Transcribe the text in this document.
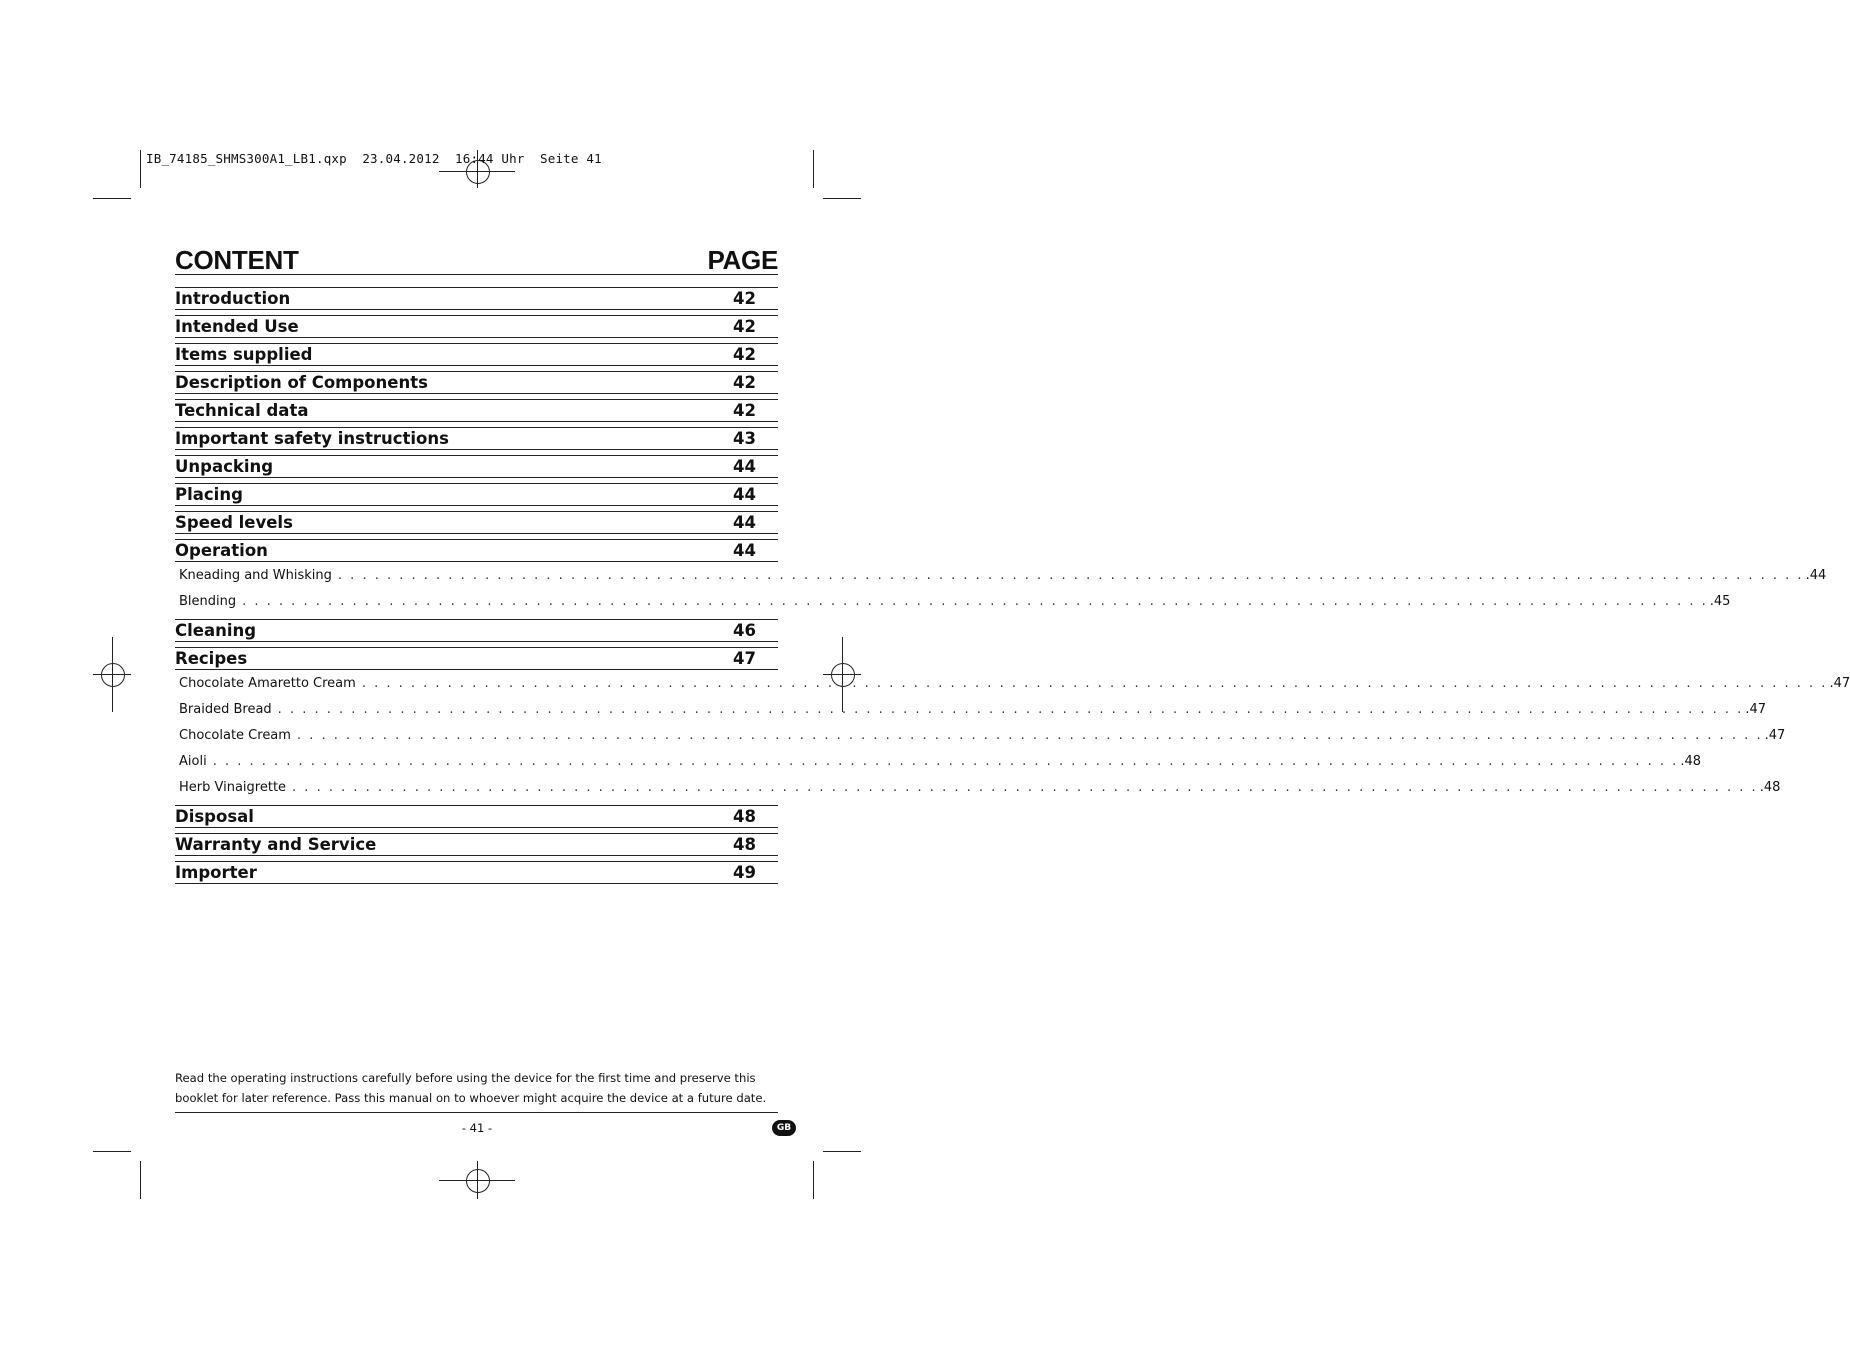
IB_74185_SHMS300A1_LB1.qxp  23.04.2012  16:44 Uhr  Seite 41
CONTENT	PAGE
Introduction	42
Intended Use	42
Items supplied	42
Description of Components	42
Technical data	42
Important safety instructions	43
Unpacking	44
Placing	44
Speed levels	44
Operation	44
Kneading and Whisking . . . . . . . . . . . . . . . . . . . . . . . . . . . . . . . . . . . . . . . . . . . . . . . . . . . . . . . . . . . . . . . . . . . . . . . . . . . . . . . . . . . . . . . . . . . . . . . . . . . . . . . . . . . . . . . . . . . . . . . . .44
Blending . . . . . . . . . . . . . . . . . . . . . . . . . . . . . . . . . . . . . . . . . . . . . . . . . . . . . . . . . . . . . . . . . . . . . . . . . . . . . . . . . . . . . . . . . . . . . . . . . . . . . . . . . . . . . . . . . . . . . . . . .45
Cleaning	46
Recipes	47
Chocolate Amaretto Cream . . . . . . . . . . . . . . . . . . . . . . . . . . . . . . . . . . . . . . . . . . . . . . . . . . . . . . . . . . . . . . . . . . . . . . . . . . . . . . . . . . . . . . . . . . . . . . . . . . . . . . . . . . . . . . . . . . . . . . . . .47
Braided Bread . . . . . . . . . . . . . . . . . . . . . . . . . . . . . . . . . . . . . . . . . . . . . . . . . . . . . . . . . . . . . . . . . . . . . . . . . . . . . . . . . . . . . . . . . . . . . . . . . . . . . . . . . . . . . . . . . . . . . . . . .47
Chocolate Cream . . . . . . . . . . . . . . . . . . . . . . . . . . . . . . . . . . . . . . . . . . . . . . . . . . . . . . . . . . . . . . . . . . . . . . . . . . . . . . . . . . . . . . . . . . . . . . . . . . . . . . . . . . . . . . . . . . . . . . . . .47
Aioli . . . . . . . . . . . . . . . . . . . . . . . . . . . . . . . . . . . . . . . . . . . . . . . . . . . . . . . . . . . . . . . . . . . . . . . . . . . . . . . . . . . . . . . . . . . . . . . . . . . . . . . . . . . . . . . . . . . . . . . . .48
Herb Vinaigrette . . . . . . . . . . . . . . . . . . . . . . . . . . . . . . . . . . . . . . . . . . . . . . . . . . . . . . . . . . . . . . . . . . . . . . . . . . . . . . . . . . . . . . . . . . . . . . . . . . . . . . . . . . . . . . . . . . . . . . . . .48
Disposal	48
Warranty and Service	48
Importer	49
Read the operating instructions carefully before using the device for the first time and preserve this booklet for later reference. Pass this manual on to whoever might acquire the device at a future date.
- 41 -	GB
